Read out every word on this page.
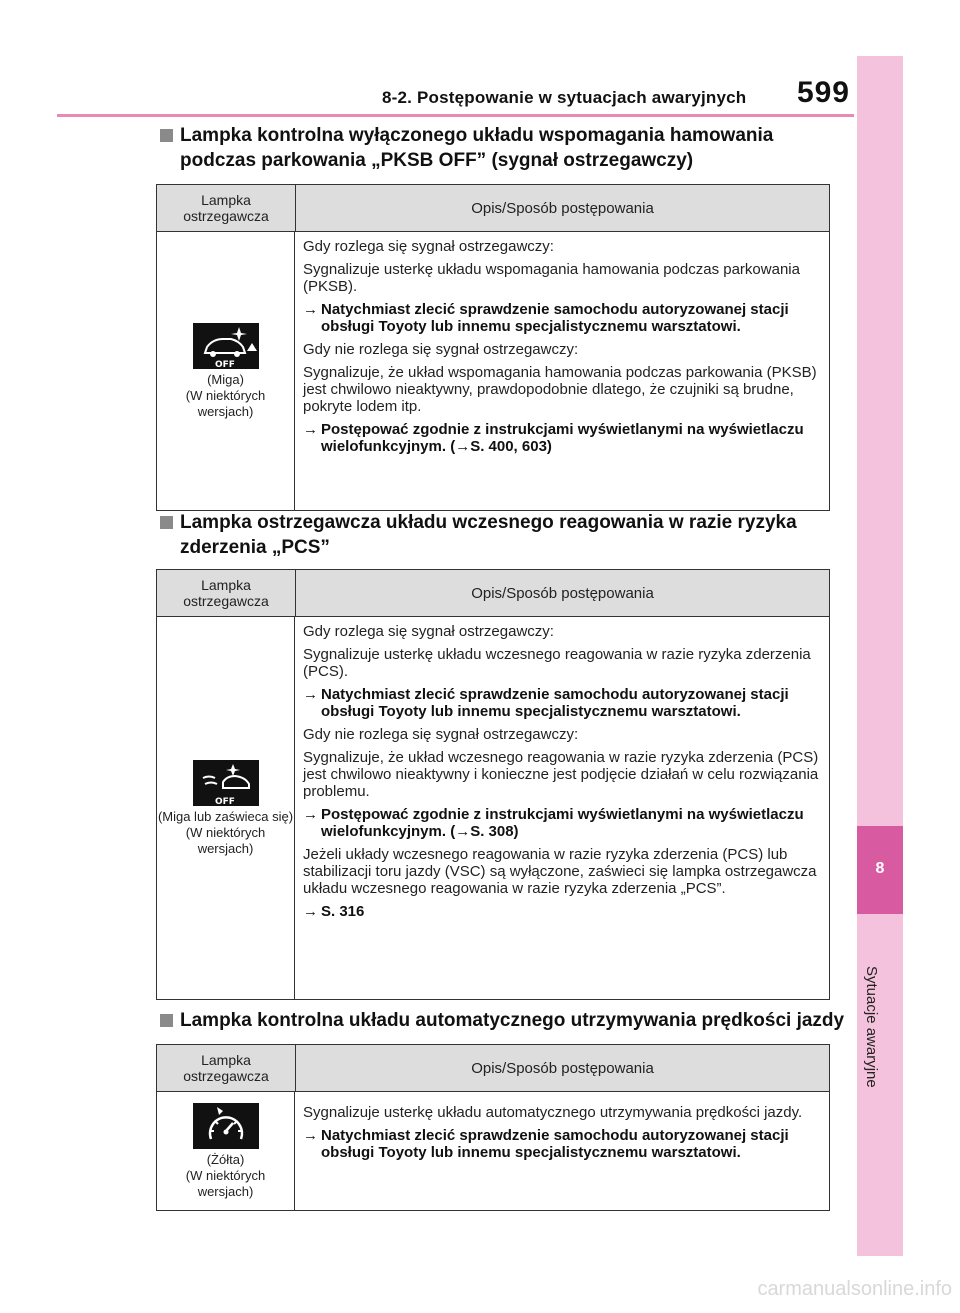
8-2. Postępowanie w sytuacjach awaryjnych 599
8
Sytuacje awaryjne
Lampka kontrolna wyłączonego układu wspomagania hamowania
podczas parkowania „PKSB OFF” (sygnał ostrzegawczy)
Lampka ostrzegawcza	Opis/Sposób postępowania
OFF
(Miga)
(W niektórych wersjach)

Gdy rozlega się sygnał ostrzegawczy:

Sygnalizuje usterkę układu wspomagania hamowania podczas parkowania (PKSB).

→ Natychmiast zlecić sprawdzenie samochodu autoryzowanej stacji obsługi Toyoty lub innemu specjalistycznemu warsztatowi.

Gdy nie rozlega się sygnał ostrzegawczy:

Sygnalizuje, że układ wspomagania hamowania podczas parkowania (PKSB) jest chwilowo nieaktywny, prawdopodobnie dlatego, że czujniki są brudne, pokryte lodem itp.

→ Postępować zgodnie z instrukcjami wyświetlanymi na wyświetlaczu wielofunkcyjnym. (→S. 400, 603)

Lampka ostrzegawcza układu wczesnego reagowania w razie ryzyka
zderzenia „PCS”
Lampka ostrzegawcza	Opis/Sposób postępowania
OFF
(Miga lub zaświeca się)
(W niektórych wersjach)

Gdy rozlega się sygnał ostrzegawczy:

Sygnalizuje usterkę układu wczesnego reagowania w razie ryzyka zderzenia (PCS).

→ Natychmiast zlecić sprawdzenie samochodu autoryzowanej stacji obsługi Toyoty lub innemu specjalistycznemu warsztatowi.

Gdy nie rozlega się sygnał ostrzegawczy:

Sygnalizuje, że układ wczesnego reagowania w razie ryzyka zderzenia (PCS) jest chwilowo nieaktywny i konieczne jest podjęcie działań w celu rozwiązania problemu.

→ Postępować zgodnie z instrukcjami wyświetlanymi na wyświetlaczu wielofunkcyjnym. (→S. 308)

Jeżeli układy wczesnego reagowania w razie ryzyka zderzenia (PCS) lub stabilizacji toru jazdy (VSC) są wyłączone, zaświeci się lampka ostrzegawcza układu wczesnego reagowania w razie ryzyka zderzenia „PCS”.

→ S. 316

Lampka kontrolna układu automatycznego utrzymywania prędkości jazdy
Lampka ostrzegawcza	Opis/Sposób postępowania
(Żółta)
(W niektórych wersjach)

Sygnalizuje usterkę układu automatycznego utrzymywania prędkości jazdy.

→ Natychmiast zlecić sprawdzenie samochodu autoryzowanej stacji obsługi Toyoty lub innemu specjalistycznemu warsztatowi.

carmanualsonline.info
